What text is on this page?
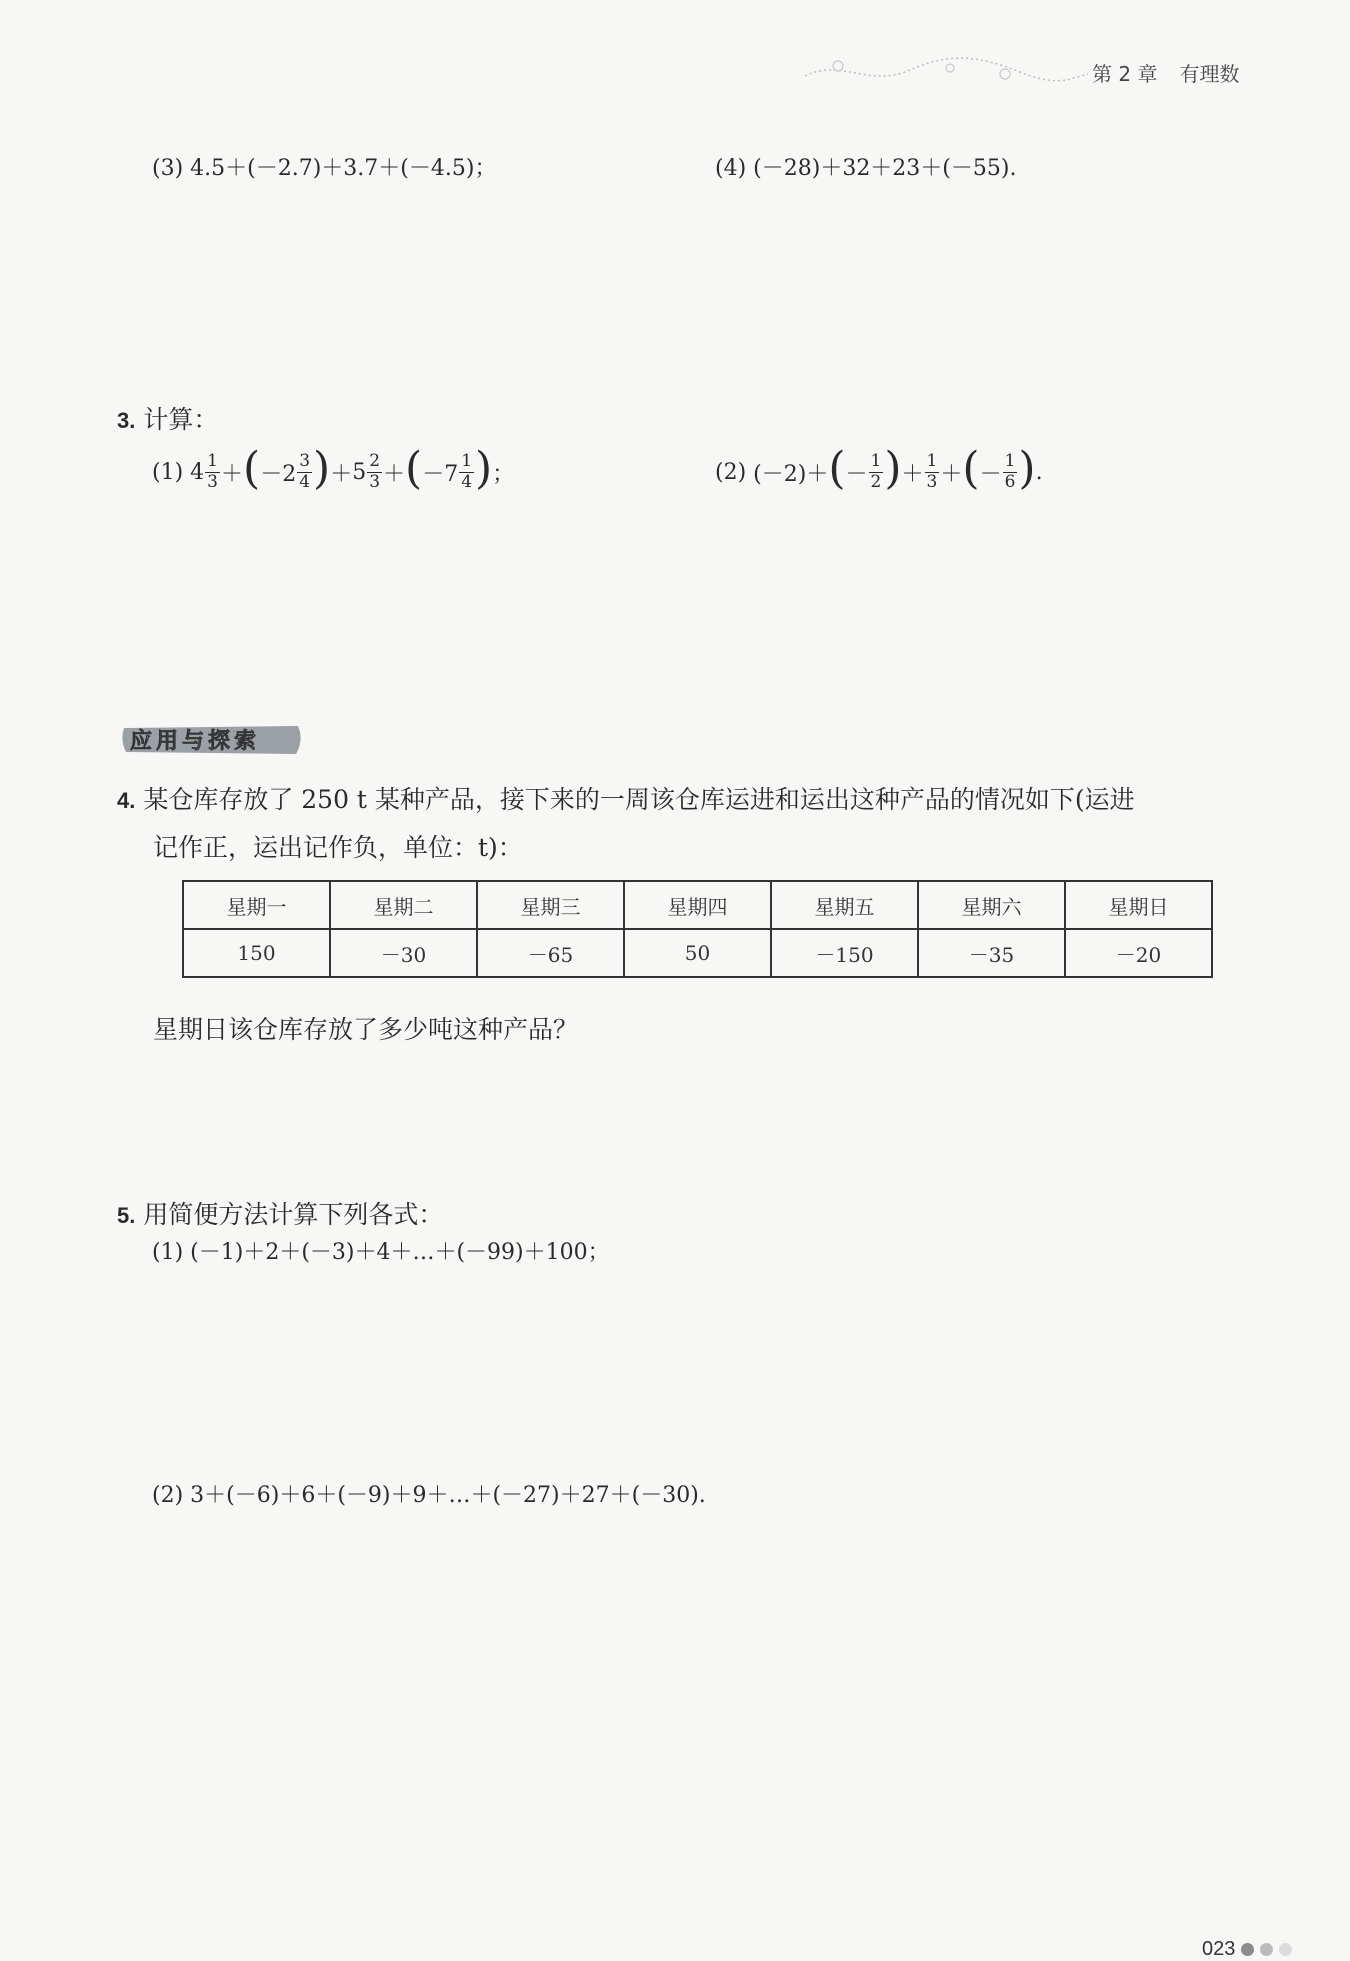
第 2 章 有理数
(3) 4.5＋(－2.7)＋3.7＋(－4.5)；	(4) (－28)＋32＋23＋(－55).
3. 计算：
(1)
$4 \frac{1}{3}$ ＋ ( $-2 \frac{3}{4}$ ) ＋ $5 \frac{2}{3}$ ＋ ( $-7 \frac{1}{4}$ ) ；	(2)
(－2)＋ ( － $\frac{1}{2}$ ) ＋ $\frac{1}{3}$ ＋ ( － $\frac{1}{6}$ ) .
应用与探索
4. 某仓库存放了 250 t 某种产品，接下来的一周该仓库运进和运出这种产品的情况如下(运进
记作正，运出记作负，单位：t)：
星期一	星期二	星期三	星期四	星期五	星期六	星期日
150	－30	－65	50	－150	－35	－20
星期日该仓库存放了多少吨这种产品？
5. 用简便方法计算下列各式：
(1) (－1)＋2＋(－3)＋4＋…＋(－99)＋100；
(2) 3＋(－6)＋6＋(－9)＋9＋…＋(－27)＋27＋(－30).
023
